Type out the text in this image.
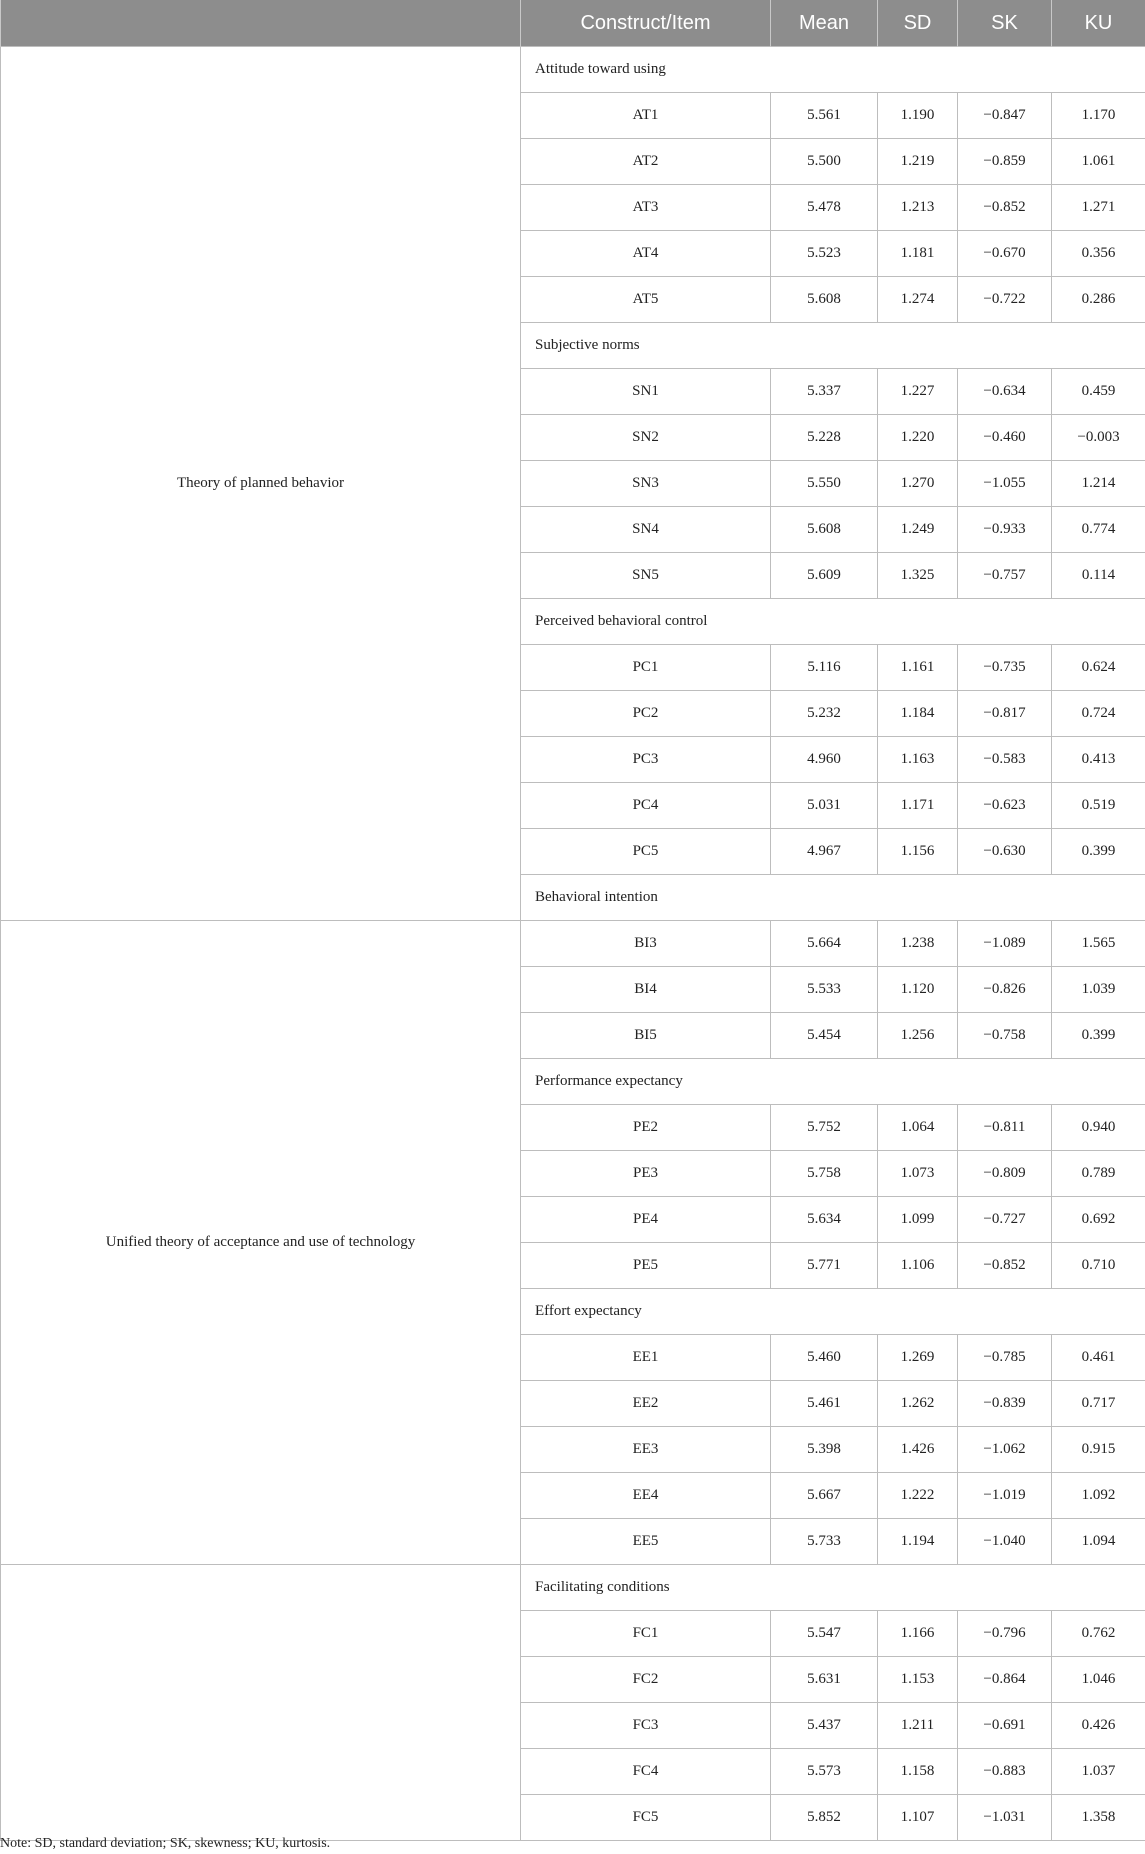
	Construct/Item	Mean	SD	SK	KU
Theory of planned behavior	Attitude toward using				
	AT1	5.561	1.190	−0.847	1.170
	AT2	5.500	1.219	−0.859	1.061
	AT3	5.478	1.213	−0.852	1.271
	AT4	5.523	1.181	−0.670	0.356
	AT5	5.608	1.274	−0.722	0.286
	Subjective norms				
	SN1	5.337	1.227	−0.634	0.459
	SN2	5.228	1.220	−0.460	−0.003
	SN3	5.550	1.270	−1.055	1.214
	SN4	5.608	1.249	−0.933	0.774
	SN5	5.609	1.325	−0.757	0.114
	Perceived behavioral control				
	PC1	5.116	1.161	−0.735	0.624
	PC2	5.232	1.184	−0.817	0.724
	PC3	4.960	1.163	−0.583	0.413
	PC4	5.031	1.171	−0.623	0.519
	PC5	4.967	1.156	−0.630	0.399
	Behavioral intention				
Unified theory of acceptance and use of technology	BI3	5.664	1.238	−1.089	1.565
	BI4	5.533	1.120	−0.826	1.039
	BI5	5.454	1.256	−0.758	0.399
	Performance expectancy				
	PE2	5.752	1.064	−0.811	0.940
	PE3	5.758	1.073	−0.809	0.789
	PE4	5.634	1.099	−0.727	0.692
	PE5	5.771	1.106	−0.852	0.710
	Effort expectancy				
	EE1	5.460	1.269	−0.785	0.461
	EE2	5.461	1.262	−0.839	0.717
	EE3	5.398	1.426	−1.062	0.915
	EE4	5.667	1.222	−1.019	1.092
	EE5	5.733	1.194	−1.040	1.094
	Facilitating conditions				
	FC1	5.547	1.166	−0.796	0.762
	FC2	5.631	1.153	−0.864	1.046
	FC3	5.437	1.211	−0.691	0.426
	FC4	5.573	1.158	−0.883	1.037
	FC5	5.852	1.107	−1.031	1.358
Note: SD, standard deviation; SK, skewness; KU, kurtosis.
